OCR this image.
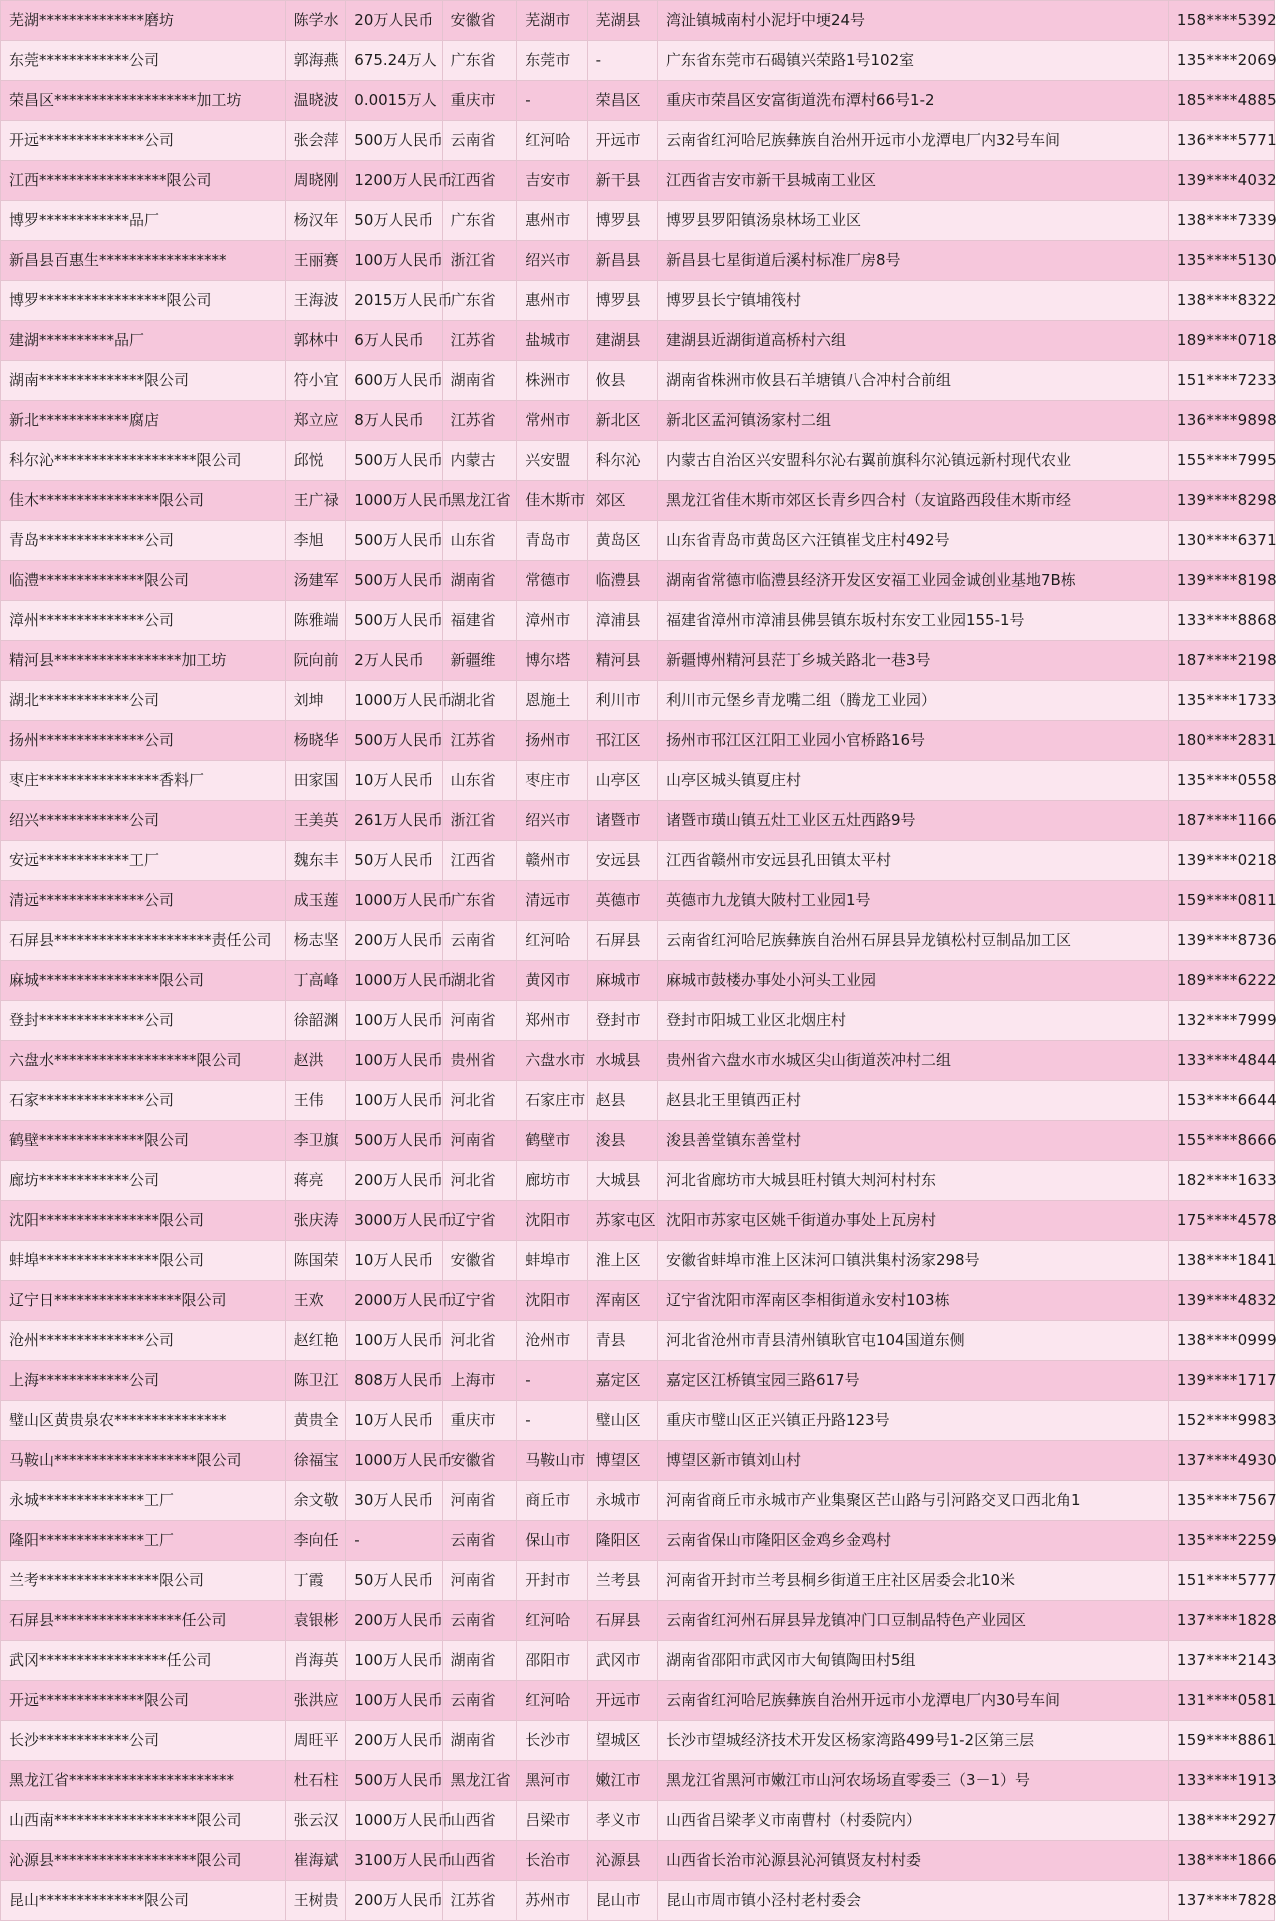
芜湖**************磨坊	陈学水	20万人民币	安徽省	芜湖市	芜湖县	湾沚镇城南村小泥圩中埂24号	158****5392
东莞************公司	郭海燕	675.24万人	广东省	东莞市	-	广东省东莞市石碣镇兴荣路1号102室	135****2069
荣昌区*******************加工坊	温晓波	0.0015万人	重庆市	-	荣昌区	重庆市荣昌区安富街道洗布潭村66号1-2	185****4885
开远**************公司	张会萍	500万人民币	云南省	红河哈	开远市	云南省红河哈尼族彝族自治州开远市小龙潭电厂内32号车间	136****5771
江西*****************限公司	周晓刚	1200万人民币	江西省	吉安市	新干县	江西省吉安市新干县城南工业区	139****4032
博罗************品厂	杨汉年	50万人民币	广东省	惠州市	博罗县	博罗县罗阳镇汤泉林场工业区	138****7339
新昌县百惠生*****************	王丽赛	100万人民币	浙江省	绍兴市	新昌县	新昌县七星街道后溪村标准厂房8号	135****5130
博罗*****************限公司	王海波	2015万人民币	广东省	惠州市	博罗县	博罗县长宁镇埔筏村	138****8322
建湖**********品厂	郭林中	6万人民币	江苏省	盐城市	建湖县	建湖县近湖街道高桥村六组	189****0718
湖南**************限公司	符小宜	600万人民币	湖南省	株洲市	攸县	湖南省株洲市攸县石羊塘镇八合冲村合前组	151****7233
新北************腐店	郑立应	8万人民币	江苏省	常州市	新北区	新北区孟河镇汤家村二组	136****9898
科尔沁*******************限公司	邱悦	500万人民币	内蒙古	兴安盟	科尔沁	内蒙古自治区兴安盟科尔沁右翼前旗科尔沁镇远新村现代农业	155****7995
佳木****************限公司	王广禄	1000万人民币	黑龙江省	佳木斯市	郊区	黑龙江省佳木斯市郊区长青乡四合村（友谊路西段佳木斯市经	139****8298
青岛**************公司	李旭	500万人民币	山东省	青岛市	黄岛区	山东省青岛市黄岛区六汪镇崔戈庄村492号	130****6371
临澧**************限公司	汤建军	500万人民币	湖南省	常德市	临澧县	湖南省常德市临澧县经济开发区安福工业园金诚创业基地7B栋	139****8198
漳州**************公司	陈雅端	500万人民币	福建省	漳州市	漳浦县	福建省漳州市漳浦县佛昙镇东坂村东安工业园155-1号	133****8868
精河县*****************加工坊	阮向前	2万人民币	新疆维	博尔塔	精河县	新疆博州精河县茫丁乡城关路北一巷3号	187****2198
湖北************公司	刘坤	1000万人民币	湖北省	恩施土	利川市	利川市元堡乡青龙嘴二组（腾龙工业园）	135****1733
扬州**************公司	杨晓华	500万人民币	江苏省	扬州市	邗江区	扬州市邗江区江阳工业园小官桥路16号	180****2831
枣庄****************香料厂	田家国	10万人民币	山东省	枣庄市	山亭区	山亭区城头镇夏庄村	135****0558
绍兴************公司	王美英	261万人民币	浙江省	绍兴市	诸暨市	诸暨市璜山镇五灶工业区五灶西路9号	187****1166
安远************工厂	魏东丰	50万人民币	江西省	赣州市	安远县	江西省赣州市安远县孔田镇太平村	139****0218
清远**************公司	成玉莲	1000万人民币	广东省	清远市	英德市	英德市九龙镇大陂村工业园1号	159****0811
石屏县*********************责任公司	杨志坚	200万人民币	云南省	红河哈	石屏县	云南省红河哈尼族彝族自治州石屏县异龙镇松村豆制品加工区	139****8736
麻城****************限公司	丁高峰	1000万人民币	湖北省	黄冈市	麻城市	麻城市鼓楼办事处小河头工业园	189****6222
登封**************公司	徐韶渊	100万人民币	河南省	郑州市	登封市	登封市阳城工业区北烟庄村	132****7999
六盘水*******************限公司	赵洪	100万人民币	贵州省	六盘水市	水城县	贵州省六盘水市水城区尖山街道茨冲村二组	133****4844
石家**************公司	王伟	100万人民币	河北省	石家庄市	赵县	赵县北王里镇西正村	153****6644
鹤壁**************限公司	李卫旗	500万人民币	河南省	鹤壁市	浚县	浚县善堂镇东善堂村	155****8666
廊坊************公司	蒋亮	200万人民币	河北省	廊坊市	大城县	河北省廊坊市大城县旺村镇大刔河村村东	182****1633
沈阳****************限公司	张庆涛	3000万人民币	辽宁省	沈阳市	苏家屯区	沈阳市苏家屯区姚千街道办事处上瓦房村	175****4578
蚌埠****************限公司	陈国荣	10万人民币	安徽省	蚌埠市	淮上区	安徽省蚌埠市淮上区沫河口镇洪集村汤家298号	138****1841
辽宁日*****************限公司	王欢	2000万人民币	辽宁省	沈阳市	浑南区	辽宁省沈阳市浑南区李相街道永安村103栋	139****4832
沧州**************公司	赵红艳	100万人民币	河北省	沧州市	青县	河北省沧州市青县清州镇耿官屯104国道东侧	138****0999
上海************公司	陈卫江	808万人民币	上海市	-	嘉定区	嘉定区江桥镇宝园三路617号	139****1717
璧山区黄贵泉农***************	黄贵全	10万人民币	重庆市	-	璧山区	重庆市璧山区正兴镇正丹路123号	152****9983
马鞍山*******************限公司	徐福宝	1000万人民币	安徽省	马鞍山市	博望区	博望区新市镇刘山村	137****4930
永城**************工厂	余文敬	30万人民币	河南省	商丘市	永城市	河南省商丘市永城市产业集聚区芒山路与引河路交叉口西北角1	135****7567
隆阳**************工厂	李向任	-	云南省	保山市	隆阳区	云南省保山市隆阳区金鸡乡金鸡村	135****2259
兰考****************限公司	丁霞	50万人民币	河南省	开封市	兰考县	河南省开封市兰考县桐乡街道王庄社区居委会北10米	151****5777
石屏县*****************任公司	袁银彬	200万人民币	云南省	红河哈	石屏县	云南省红河州石屏县异龙镇冲门口豆制品特色产业园区	137****1828
武冈*****************任公司	肖海英	100万人民币	湖南省	邵阳市	武冈市	湖南省邵阳市武冈市大甸镇陶田村5组	137****2143
开远**************限公司	张洪应	100万人民币	云南省	红河哈	开远市	云南省红河哈尼族彝族自治州开远市小龙潭电厂内30号车间	131****0581
长沙************公司	周旺平	200万人民币	湖南省	长沙市	望城区	长沙市望城经济技术开发区杨家湾路499号1-2区第三层	159****8861
黑龙江省**********************	杜石柱	500万人民币	黑龙江省	黑河市	嫩江市	黑龙江省黑河市嫩江市山河农场场直零委三（3－1）号	133****1913
山西南*******************限公司	张云汉	1000万人民币	山西省	吕梁市	孝义市	山西省吕梁孝义市南曹村（村委院内）	138****2927
沁源县*******************限公司	崔海斌	3100万人民币	山西省	长治市	沁源县	山西省长治市沁源县沁河镇贤友村村委	138****1866
昆山**************限公司	王树贵	200万人民币	江苏省	苏州市	昆山市	昆山市周市镇小泾村老村委会	137****7828
